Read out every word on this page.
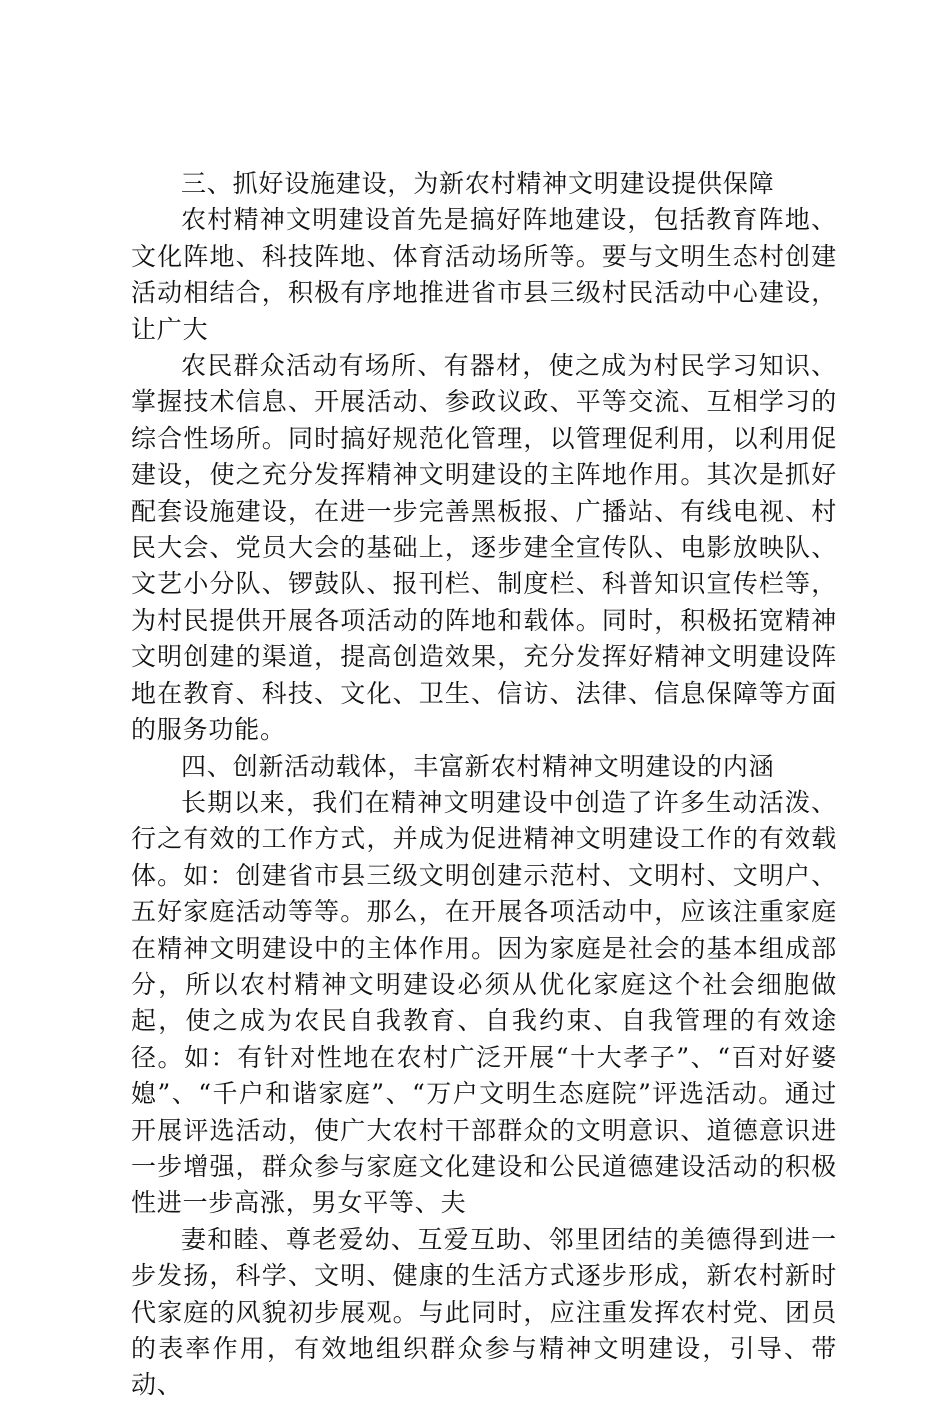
三、抓好设施建设，为新农村精神文明建设提供保障

农村精神文明建设首先是搞好阵地建设，包括教育阵地、文化阵地、科技阵地、体育活动场所等。要与文明生态村创建活动相结合，积极有序地推进省市县三级村民活动中心建设，让广大

农民群众活动有场所、有器材，使之成为村民学习知识、掌握技术信息、开展活动、参政议政、平等交流、互相学习的综合性场所。同时搞好规范化管理，以管理促利用，以利用促建设，使之充分发挥精神文明建设的主阵地作用。其次是抓好配套设施建设，在进一步完善黑板报、广播站、有线电视、村民大会、党员大会的基础上，逐步建全宣传队、电影放映队、文艺小分队、锣鼓队、报刊栏、制度栏、科普知识宣传栏等，为村民提供开展各项活动的阵地和载体。同时，积极拓宽精神文明创建的渠道，提高创造效果，充分发挥好精神文明建设阵地在教育、科技、文化、卫生、信访、法律、信息保障等方面的服务功能。

四、创新活动载体，丰富新农村精神文明建设的内涵

长期以来，我们在精神文明建设中创造了许多生动活泼、行之有效的工作方式，并成为促进精神文明建设工作的有效载体。如：创建省市县三级文明创建示范村、文明村、文明户、五好家庭活动等等。那么，在开展各项活动中，应该注重家庭在精神文明建设中的主体作用。因为家庭是社会的基本组成部分，所以农村精神文明建设必须从优化家庭这个社会细胞做起，使之成为农民自我教育、自我约束、自我管理的有效途径。如：有针对性地在农村广泛开展“十大孝子”、“百对好婆媳”、“千户和谐家庭”、“万户文明生态庭院”评选活动。通过开展评选活动，使广大农村干部群众的文明意识、道德意识进一步增强，群众参与家庭文化建设和公民道德建设活动的积极性进一步高涨，男女平等、夫

妻和睦、尊老爱幼、互爱互助、邻里团结的美德得到进一步发扬，科学、文明、健康的生活方式逐步形成，新农村新时代家庭的风貌初步展观。与此同时，应注重发挥农村党、团员的表率作用，有效地组织群众参与精神文明建设，引导、带动、
